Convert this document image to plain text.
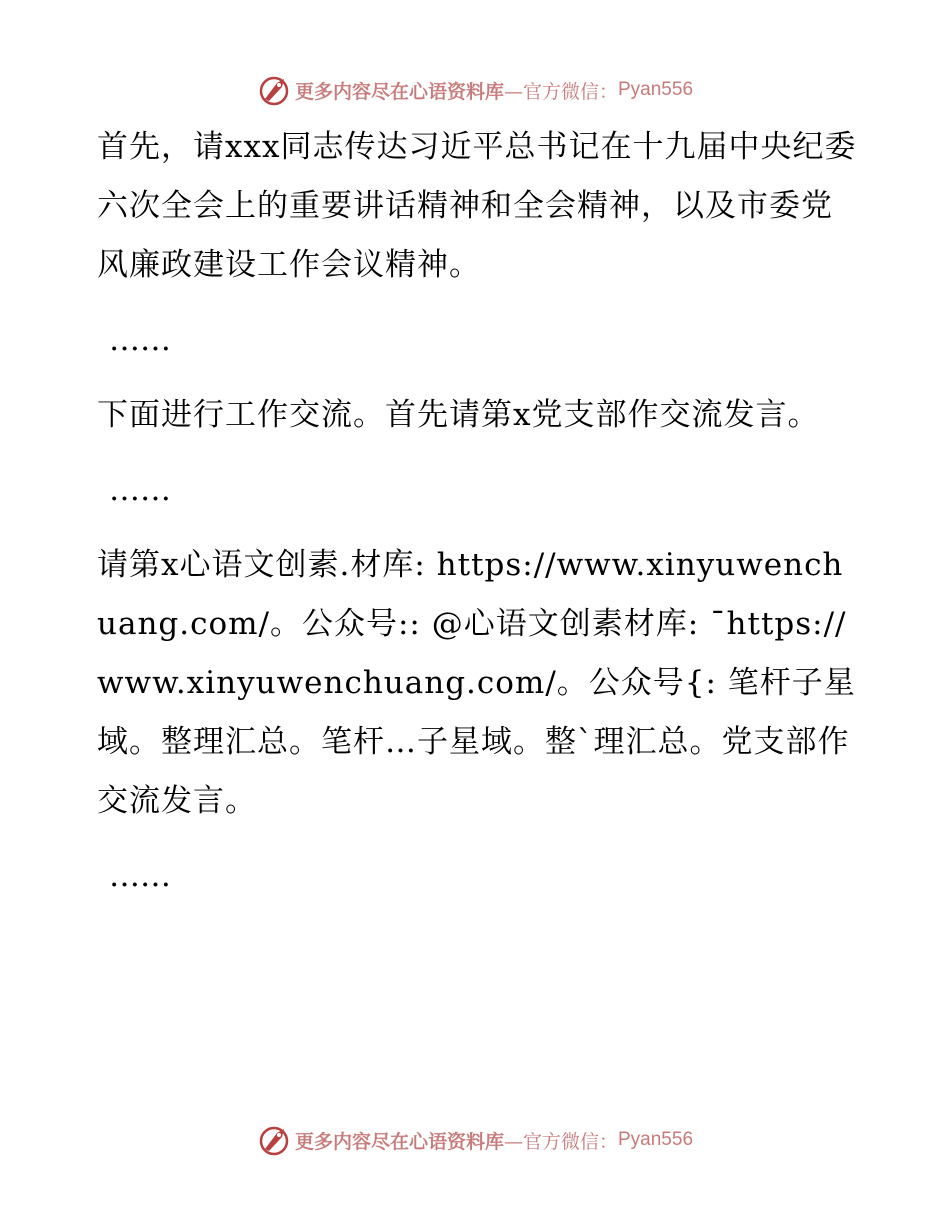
更多内容尽在心语资料库 —官方微信： Pyan556

首先，请xxx同志传达习近平总书记在十九届中央纪委六次全会上的重要讲话精神和全会精神，以及市委党风廉政建设工作会议精神。

……

下面进行工作交流。首先请第x党支部作交流发言。

……

请第x心语文创素.材库: https://www.xinyuwenchuang.com/。公众号:: @心语文创素材库: ¯https://www.xinyuwenchuang.com/。公众号{: 笔杆子星域。整理汇总。笔杆…子星域。整`理汇总。党支部作交流发言。

……

更多内容尽在心语资料库 —官方微信： Pyan556
